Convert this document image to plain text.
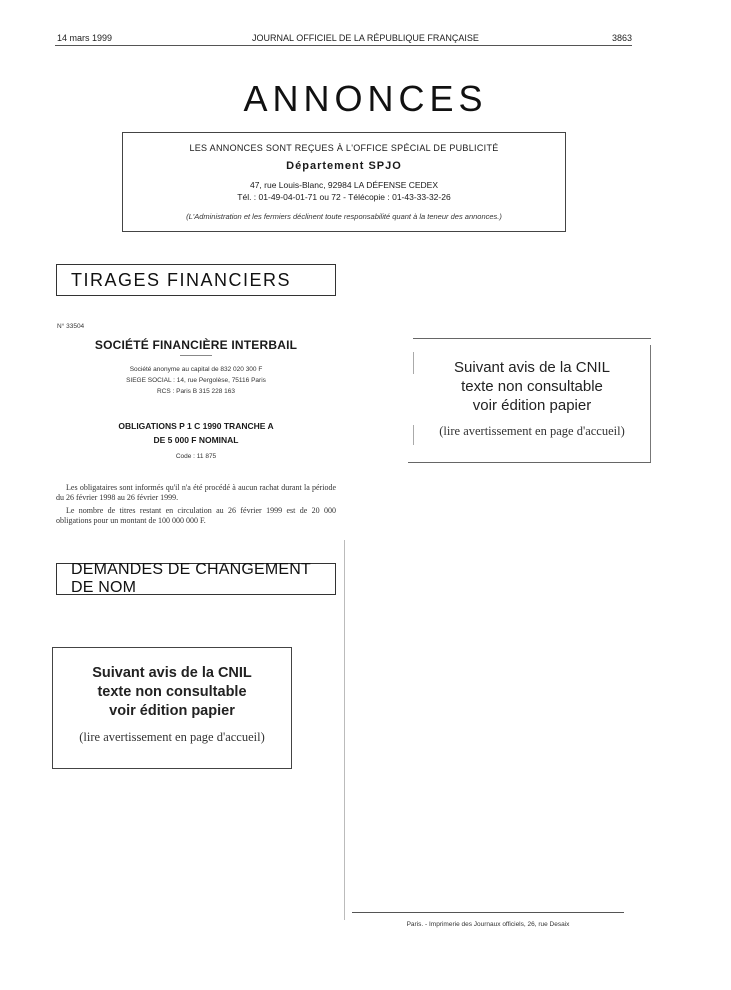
14 mars 1999	JOURNAL OFFICIEL DE LA RÉPUBLIQUE FRANÇAISE	3863
ANNONCES
LES ANNONCES SONT REÇUES À L'OFFICE SPÉCIAL DE PUBLICITÉ
Département SPJO
47, rue Louis-Blanc, 92984 LA DÉFENSE CEDEX
Tél. : 01-49-04-01-71 ou 72 - Télécopie : 01-43-33-32-26
(L'Administration et les fermiers déclinent toute responsabilité quant à la teneur des annonces.)
TIRAGES FINANCIERS
N° 33504
SOCIÉTÉ FINANCIÈRE INTERBAIL
Société anonyme au capital de 832 020 300 F
SIEGE SOCIAL : 14, rue Pergolèse, 75116 Paris
RCS : Paris B 315 228 163
OBLIGATIONS P 1 C 1990 TRANCHE A
DE 5 000 F NOMINAL
Code : 11 875
Les obligataires sont informés qu'il n'a été procédé à aucun rachat durant la période du 26 février 1998 au 26 février 1999.
Le nombre de titres restant en circulation au 26 février 1999 est de 20 000 obligations pour un montant de 100 000 000 F.
DEMANDES DE CHANGEMENT DE NOM
Suivant avis de la CNIL
texte non consultable
voir édition papier
(lire avertissement en page d'accueil)
Suivant avis de la CNIL
texte non consultable
voir édition papier
(lire avertissement en page d'accueil)
Paris. - Imprimerie des Journaux officiels, 26, rue Desaix
